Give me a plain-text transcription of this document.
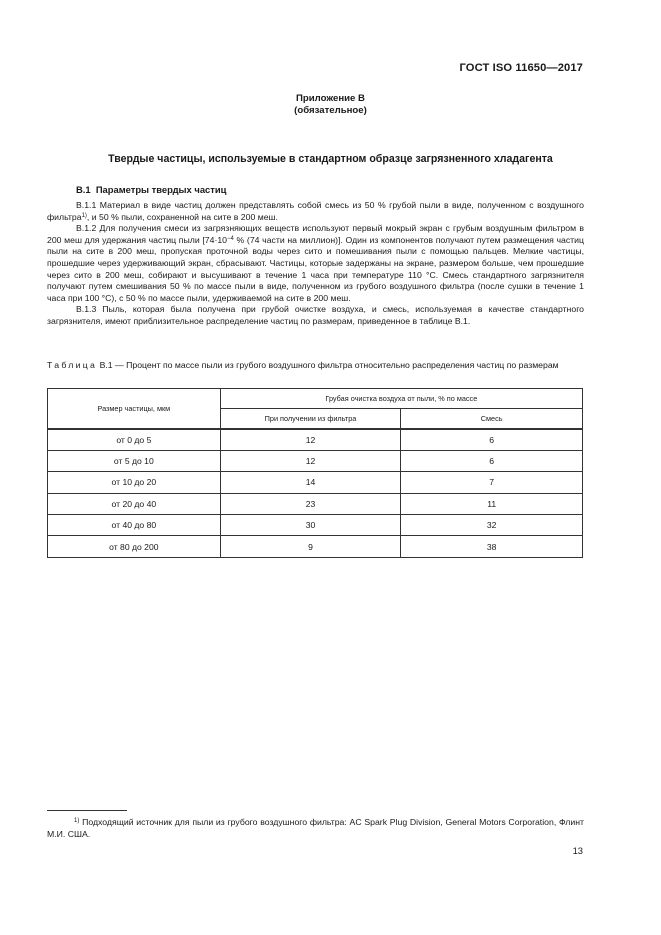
ГОСТ ISO 11650—2017
Приложение В
(обязательное)
Твердые частицы, используемые в стандартном образце загрязненного хладагента
В.1 Параметры твердых частиц

В.1.1 Материал в виде частиц должен представлять собой смесь из 50 % грубой пыли в виде, полученном с воздушного фильтра$^{1)}$, и 50 % пыли, сохраненной на сите в 200 меш.

В.1.2 Для получения смеси из загрязняющих веществ используют первый мокрый экран с грубым воздушным фильтром в 200 меш для удержания частиц пыли [$74\cdot 10^{-4}$ % (74 части на миллион)]. Один из компонентов получают путем размещения частиц пыли на сите в 200 меш, пропуская проточной воды через сито и помешивания пыли с помощью пальцев. Мелкие частицы, прошедшие через удерживающий экран, сбрасывают. Частицы, которые задержаны на экране, размером больше, чем прошедшие через сито в 200 меш, собирают и высушивают в течение 1 часа при температуре 110 °С. Смесь стандартного загрязнителя получают путем смешивания 50 % по массе пыли в виде, полученном из грубого воздушного фильтра (после сушки в течение 1 часа при 100 °С), с 50 % по массе пыли, удерживаемой на сите в 200 меш.

В.1.3 Пыль, которая была получена при грубой очистке воздуха, и смесь, используемая в качестве стандартного загрязнителя, имеют приблизительное распределение частиц по размерам, приведенное в таблице В.1.

Таблица В.1 — Процент по массе пыли из грубого воздушного фильтра относительно распределения частиц по размерам
Размер частицы, мкм	Грубая очистка воздуха от пыли, % по массе	
	При получении из фильтра	Смесь
от 0 до 5	12	6
от 5 до 10	12	6
от 10 до 20	14	7
от 20 до 40	23	11
от 40 до 80	30	32
от 80 до 200	9	38
$^{1)}$ Подходящий источник для пыли из грубого воздушного фильтра: AC Spark Plug Division, General Motors Corporation, Флинт М.И. США.
13
